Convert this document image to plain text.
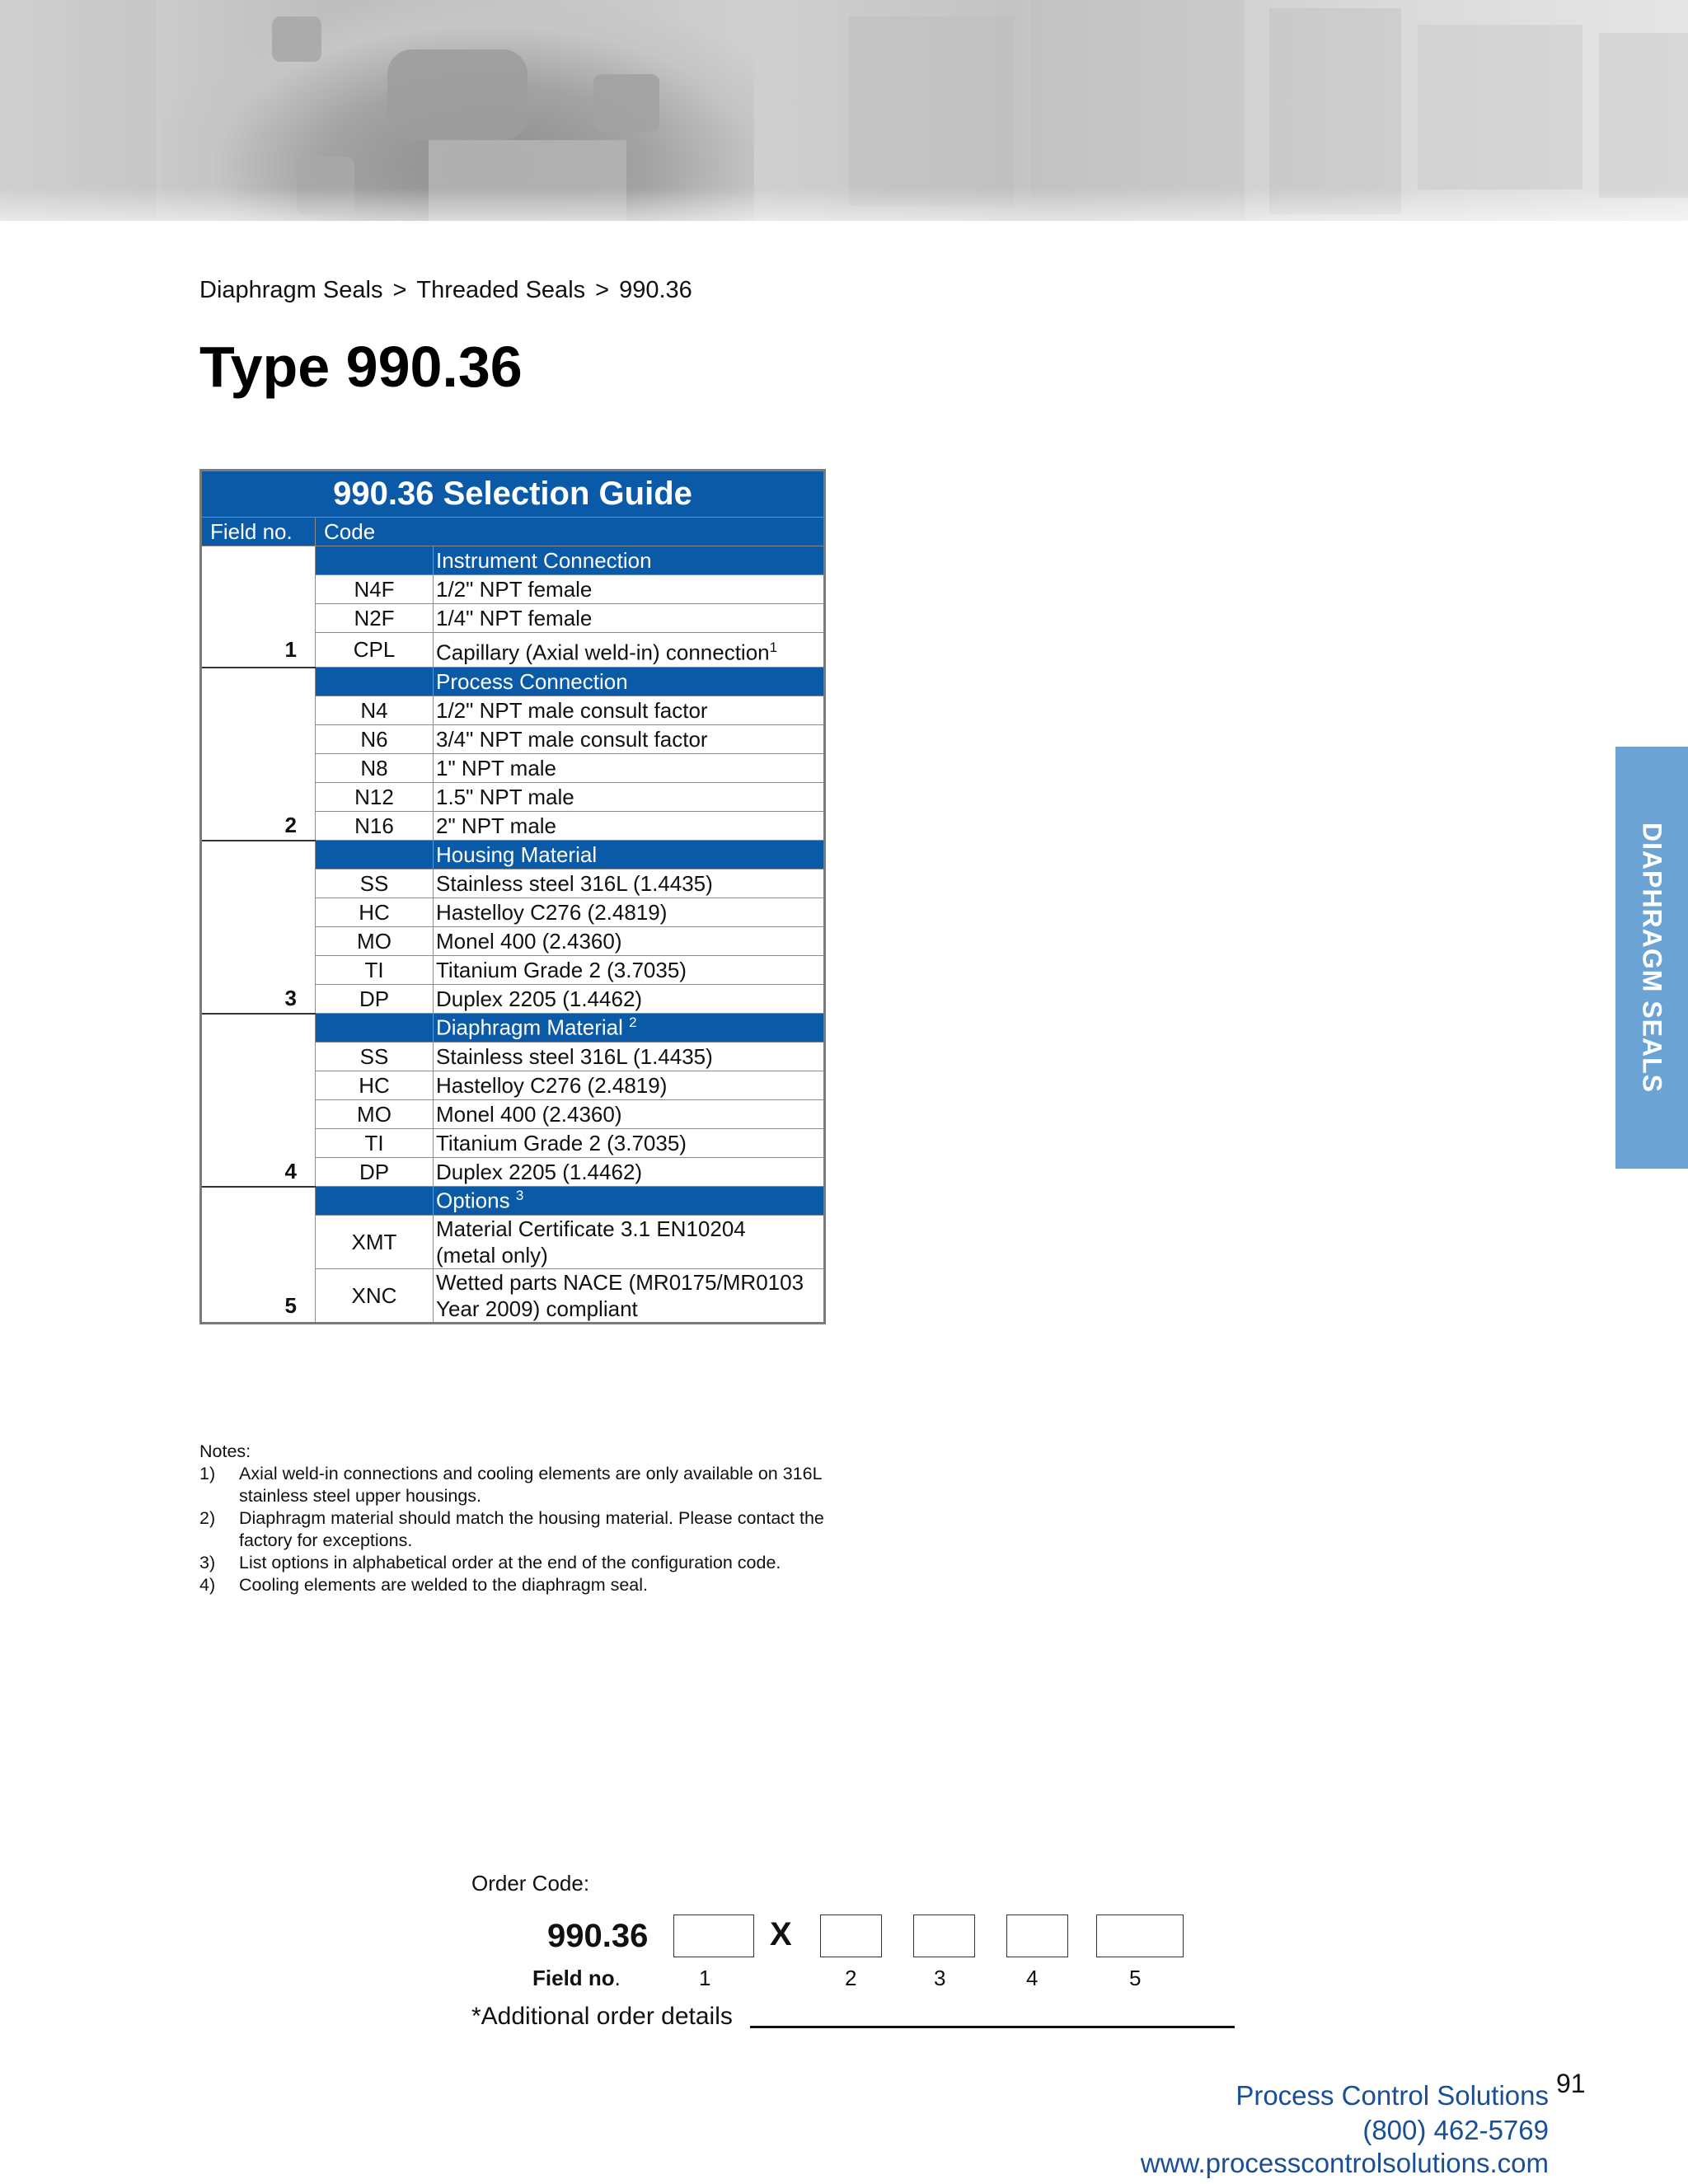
Diaphragm Seals > Threaded Seals > 990.36
Type 990.36
990.36 Selection Guide		
Field no.	Code	
		Instrument Connection
	N4F	1/2" NPT female
	N2F	1/4" NPT female
1	CPL	Capillary (Axial weld-in) connection$^1$
		Process Connection
	N4	1/2" NPT male consult factor
	N6	3/4" NPT male consult factor
	N8	1" NPT male
	N12	1.5" NPT male
2	N16	2" NPT male
		Housing Material
	SS	Stainless steel 316L (1.4435)
	HC	Hastelloy C276 (2.4819)
	MO	Monel 400 (2.4360)
	TI	Titanium Grade 2 (3.7035)
3	DP	Duplex 2205 (1.4462)
		Diaphragm Material $^2$
	SS	Stainless steel 316L (1.4435)
	HC	Hastelloy C276 (2.4819)
	MO	Monel 400 (2.4360)
	TI	Titanium Grade 2 (3.7035)
4	DP	Duplex 2205 (1.4462)
		Options $^3$
	XMT	Material Certificate 3.1 EN10204
(metal only)
5	XNC	Wetted parts NACE (MR0175/MR0103
Year 2009) compliant
Notes:
1)	Axial weld-in connections and cooling elements are only available on 316L
stainless steel upper housings.
2)	Diaphragm material should match the housing material. Please contact the
factory for exceptions.
3)	List options in alphabetical order at the end of the configuration code.
4)	Cooling elements are welded to the diaphragm seal.
Order Code:
990.36	X
Field no.	1	2	3	4	5
*Additional order details
DIAPHRAGM SEALS
Process Control Solutions
(800) 462-5769
www.processcontrolsolutions.com
91
